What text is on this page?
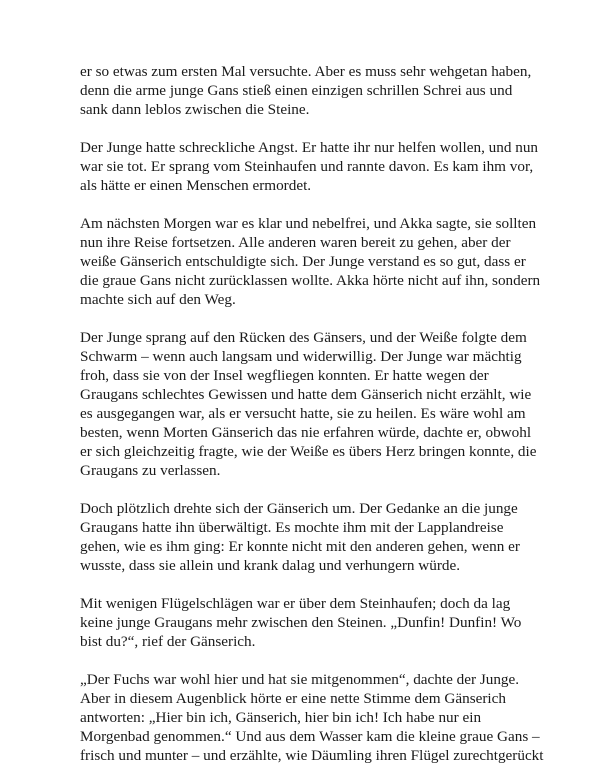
er so etwas zum ersten Mal versuchte. Aber es muss sehr wehgetan haben,
denn die arme junge Gans stieß einen einzigen schrillen Schrei aus und
sank dann leblos zwischen die Steine.

Der Junge hatte schreckliche Angst. Er hatte ihr nur helfen wollen, und nun
war sie tot. Er sprang vom Steinhaufen und rannte davon. Es kam ihm vor,
als hätte er einen Menschen ermordet.

Am nächsten Morgen war es klar und nebelfrei, und Akka sagte, sie sollten
nun ihre Reise fortsetzen. Alle anderen waren bereit zu gehen, aber der
weiße Gänserich entschuldigte sich. Der Junge verstand es so gut, dass er
die graue Gans nicht zurücklassen wollte. Akka hörte nicht auf ihn, sondern
machte sich auf den Weg.

Der Junge sprang auf den Rücken des Gänsers, und der Weiße folgte dem
Schwarm – wenn auch langsam und widerwillig. Der Junge war mächtig
froh, dass sie von der Insel wegfliegen konnten. Er hatte wegen der
Graugans schlechtes Gewissen und hatte dem Gänserich nicht erzählt, wie
es ausgegangen war, als er versucht hatte, sie zu heilen. Es wäre wohl am
besten, wenn Morten Gänserich das nie erfahren würde, dachte er, obwohl
er sich gleichzeitig fragte, wie der Weiße es übers Herz bringen konnte, die
Graugans zu verlassen.

Doch plötzlich drehte sich der Gänserich um. Der Gedanke an die junge
Graugans hatte ihn überwältigt. Es mochte ihm mit der Lapplandreise
gehen, wie es ihm ging: Er konnte nicht mit den anderen gehen, wenn er
wusste, dass sie allein und krank dalag und verhungern würde.

Mit wenigen Flügelschlägen war er über dem Steinhaufen; doch da lag
keine junge Graugans mehr zwischen den Steinen. „Dunfin! Dunfin! Wo
bist du?“, rief der Gänserich.

„Der Fuchs war wohl hier und hat sie mitgenommen“, dachte der Junge.
Aber in diesem Augenblick hörte er eine nette Stimme dem Gänserich
antworten: „Hier bin ich, Gänserich, hier bin ich! Ich habe nur ein
Morgenbad genommen.“ Und aus dem Wasser kam die kleine graue Gans –
frisch und munter – und erzählte, wie Däumling ihren Flügel zurechtgerückt
